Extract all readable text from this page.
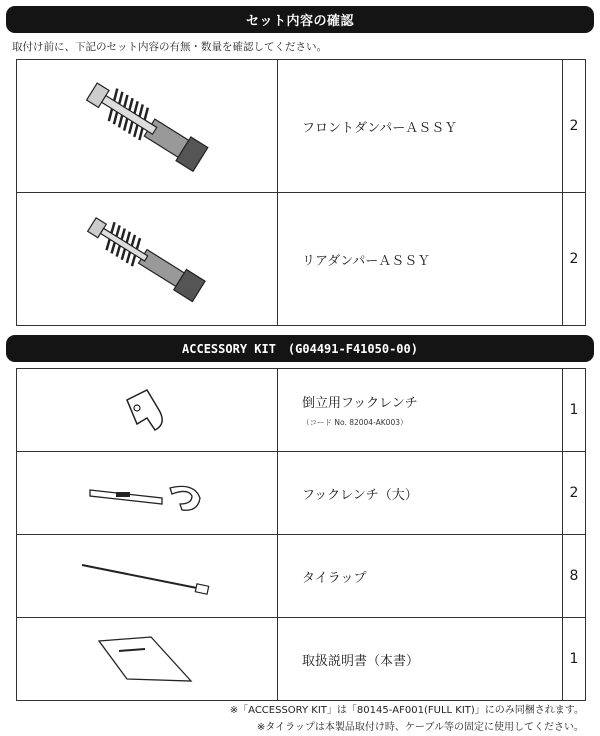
セット内容の確認
取付け前に、下記のセット内容の有無・数量を確認してください。
	フロントダンパーＡＳＳＹ	2

	リアダンパーＡＳＳＹ	2
ACCESSORY KIT　(G04491-F41050-00)
	倒立用フックレンチ
（コード No. 82004-AK003）	1

	フックレンチ（大）	2

	タイラップ	8

	取扱説明書（本書）	1
※「ACCESSORY KIT」は「80145-AF001(FULL KIT)」にのみ同梱されます。
※タイラップは本製品取付け時、ケーブル等の固定に使用してください。
